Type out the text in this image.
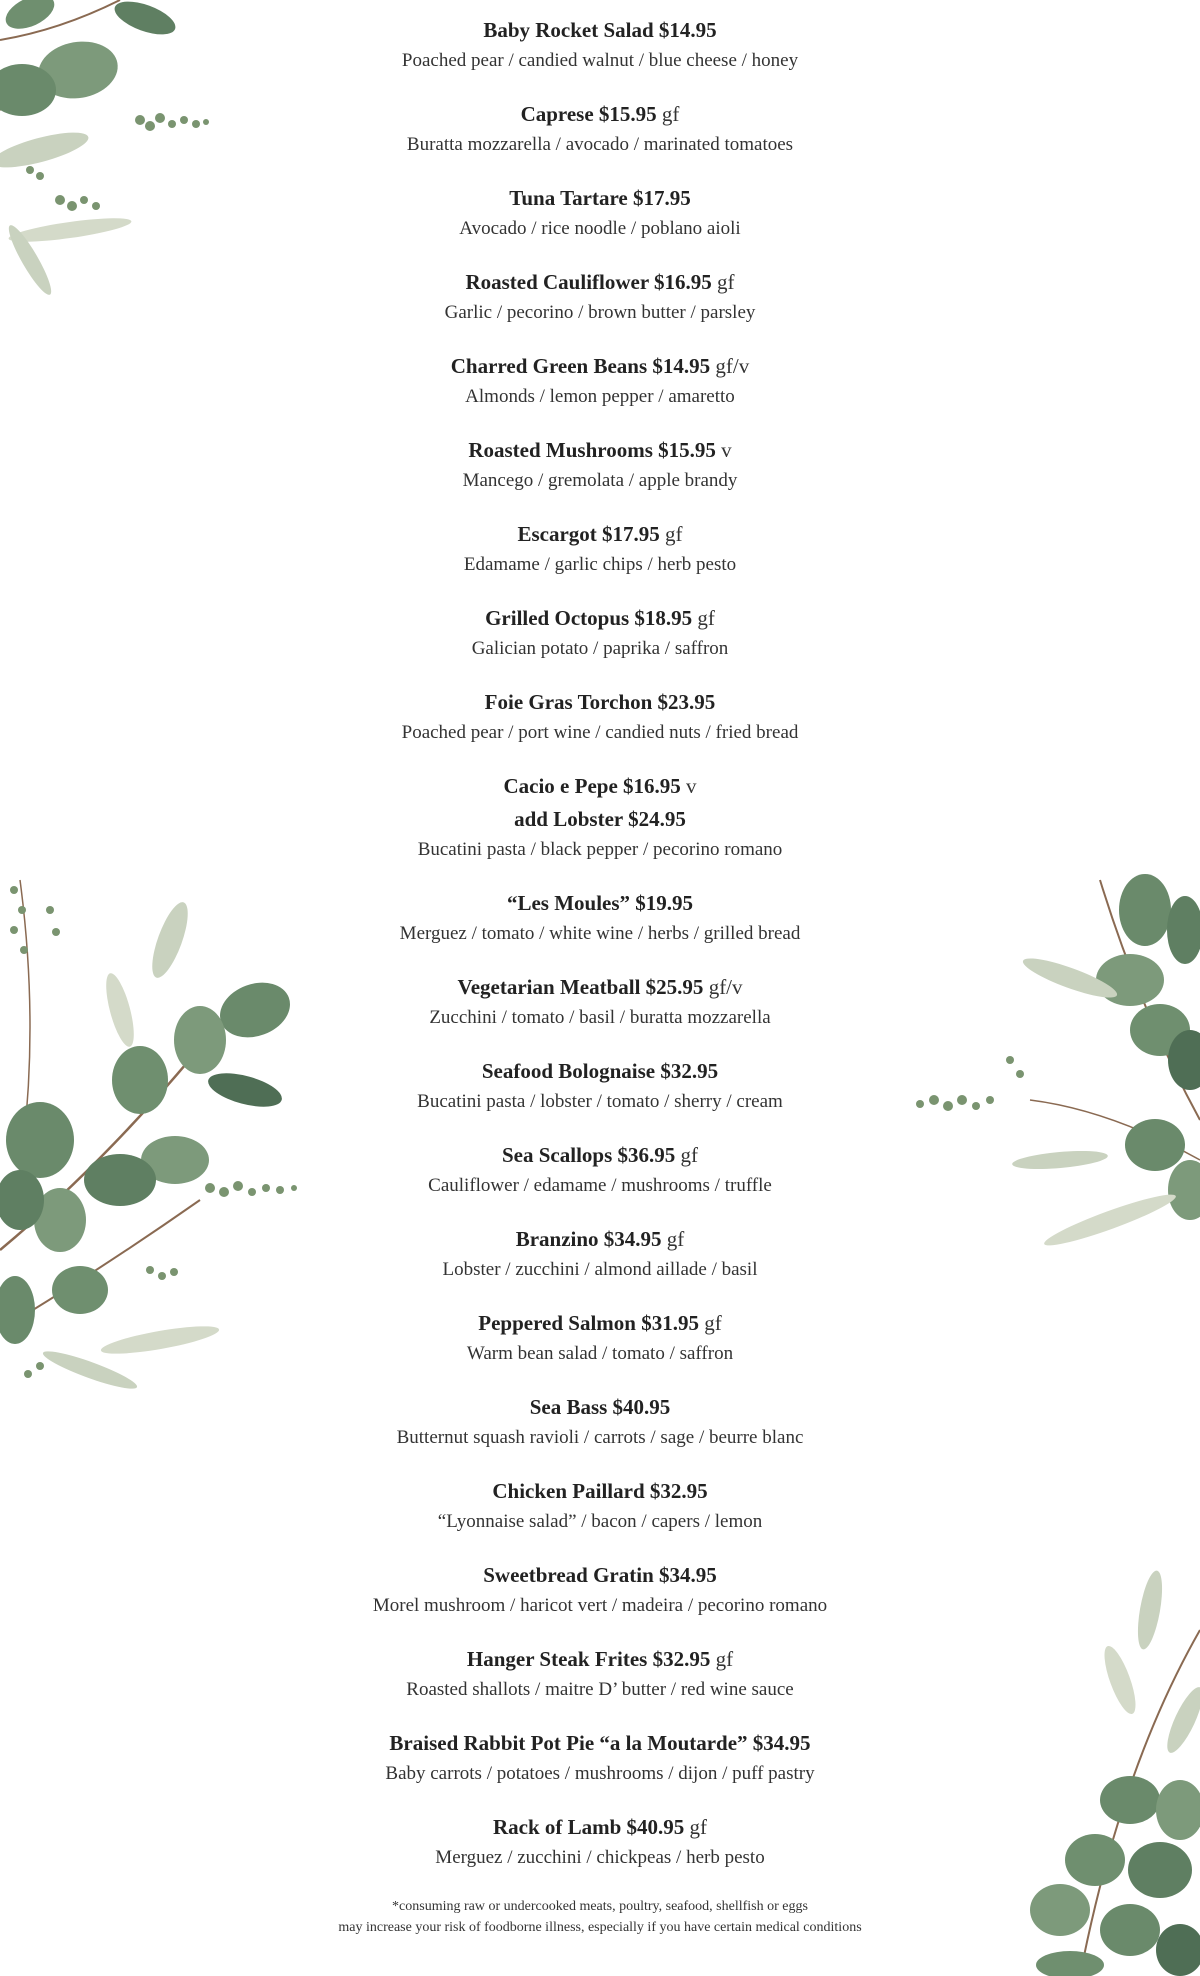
Baby Rocket Salad $14.95
Poached pear / candied walnut / blue cheese / honey
Caprese $15.95 gf
Buratta mozzarella / avocado / marinated tomatoes
Tuna Tartare $17.95
Avocado / rice noodle / poblano aioli
Roasted Cauliflower $16.95 gf
Garlic / pecorino / brown butter / parsley
Charred Green Beans $14.95 gf/v
Almonds / lemon pepper / amaretto
Roasted Mushrooms $15.95 v
Mancego / gremolata / apple brandy
Escargot $17.95 gf
Edamame / garlic chips / herb pesto
Grilled Octopus $18.95 gf
Galician potato / paprika / saffron
Foie Gras Torchon $23.95
Poached pear / port wine / candied nuts / fried bread
Cacio e Pepe $16.95 v
add Lobster $24.95
Bucatini pasta / black pepper / pecorino romano
“Les Moules” $19.95
Merguez / tomato / white wine / herbs / grilled bread
Vegetarian Meatball $25.95 gf/v
Zucchini / tomato / basil / buratta mozzarella
Seafood Bolognaise $32.95
Bucatini pasta / lobster / tomato / sherry / cream
Sea Scallops $36.95 gf
Cauliflower / edamame / mushrooms / truffle
Branzino $34.95 gf
Lobster / zucchini / almond aillade / basil
Peppered Salmon $31.95 gf
Warm bean salad / tomato / saffron
Sea Bass $40.95
Butternut squash ravioli / carrots / sage / beurre blanc
Chicken Paillard $32.95
“Lyonnaise salad” / bacon / capers / lemon
Sweetbread Gratin $34.95
Morel mushroom / haricot vert / madeira / pecorino romano
Hanger Steak Frites $32.95 gf
Roasted shallots / maitre D’ butter / red wine sauce
Braised Rabbit Pot Pie “a la Moutarde” $34.95
Baby carrots / potatoes / mushrooms / dijon / puff pastry
Rack of Lamb $40.95 gf
Merguez / zucchini / chickpeas / herb pesto
*consuming raw or undercooked meats, poultry, seafood, shellfish or eggs
may increase your risk of foodborne illness, especially if you have certain medical conditions
